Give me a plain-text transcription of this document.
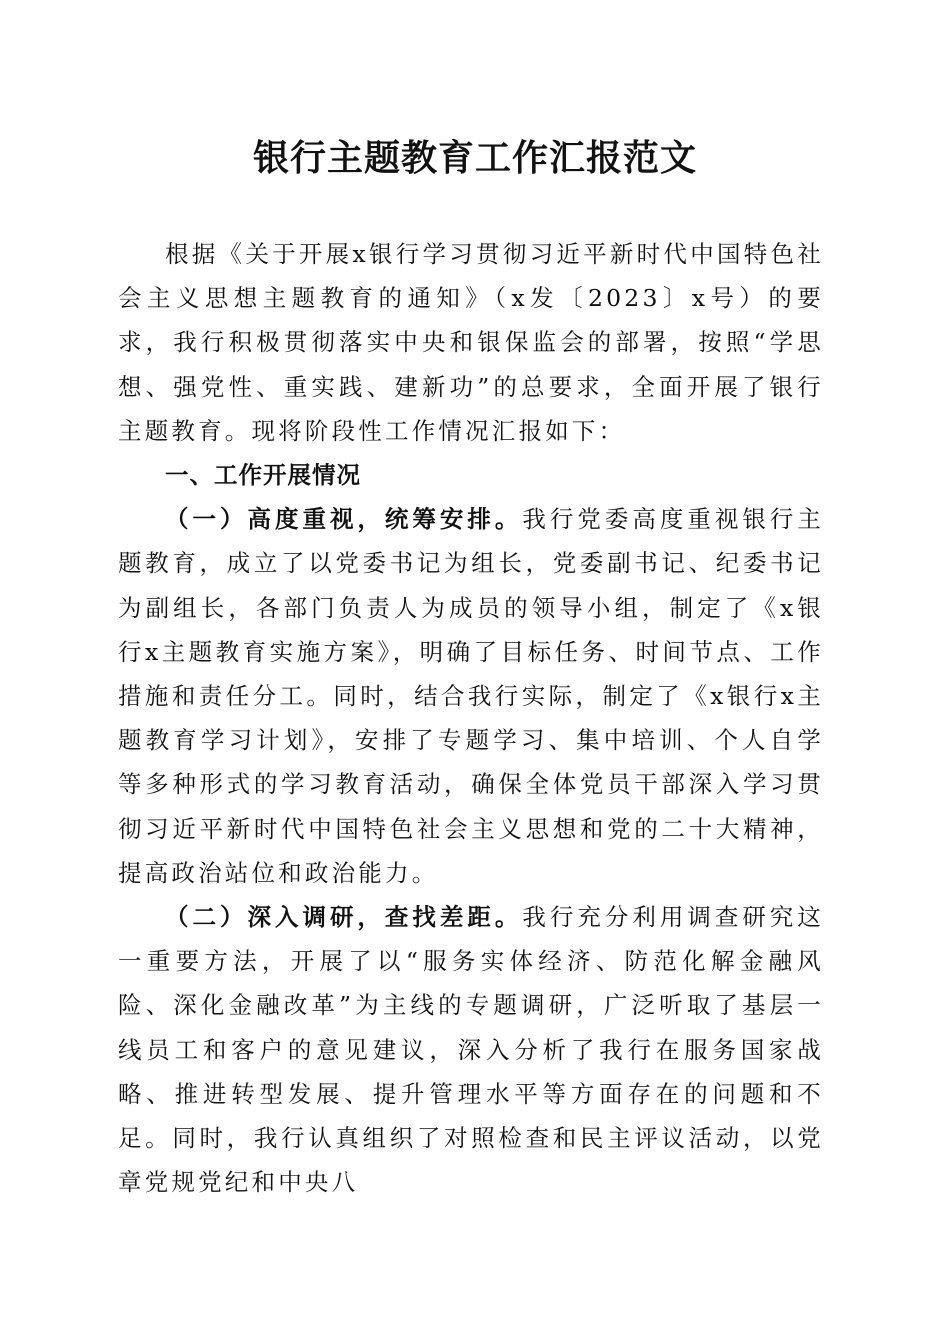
银行主题教育工作汇报范文

根据《关于开展x银行学习贯彻习近平新时代中国特色社会主义思想主题教育的通知》（x发〔2023〕x号）的要求，我行积极贯彻落实中央和银保监会的部署，按照“学思想、强党性、重实践、建新功”的总要求，全面开展了银行主题教育。现将阶段性工作情况汇报如下：

一、工作开展情况

（一）高度重视，统筹安排。我行党委高度重视银行主题教育，成立了以党委书记为组长，党委副书记、纪委书记为副组长，各部门负责人为成员的领导小组，制定了《x银行x主题教育实施方案》，明确了目标任务、时间节点、工作措施和责任分工。同时，结合我行实际，制定了《x银行x主题教育学习计划》，安排了专题学习、集中培训、个人自学等多种形式的学习教育活动，确保全体党员干部深入学习贯彻习近平新时代中国特色社会主义思想和党的二十大精神，提高政治站位和政治能力。

（二）深入调研，查找差距。我行充分利用调查研究这一重要方法，开展了以“服务实体经济、防范化解金融风险、深化金融改革”为主线的专题调研，广泛听取了基层一线员工和客户的意见建议，深入分析了我行在服务国家战略、推进转型发展、提升管理水平等方面存在的问题和不足。同时，我行认真组织了对照检查和民主评议活动，以党章党规党纪和中央八
